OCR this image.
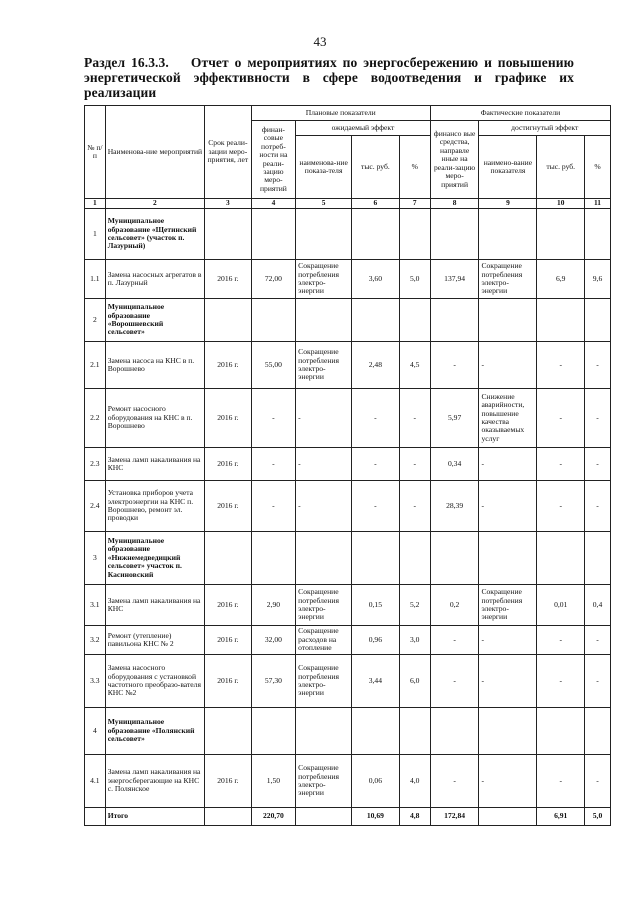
43
Раздел 16.3.3. Отчет о мероприятиях по энергосбережению и повышению энергетической эффективности в сфере водоотведения и графике их реализации
№ п/п	Наименова-ние мероприятий	Срок реали-зации меро-приятия, лет	Плановые показатели				Фактические показатели			
			финан-совые потреб-ности на реали-зацию меро-приятий	ожидаемый эффект			финансо вые средства, направле нные на реали-зацию меро-приятий	достигнутый эффект		
				наименова-ние показа-теля	тыс. руб.	%		наимено-вание показателя	тыс. руб.	%
1	2	3	4	5	6	7	8	9	10	11
1	Муниципальное образование «Щетинский сельсовет» (участок п. Лазурный)									
1.1	Замена насосных агрегатов в п. Лазурный	2016 г.	72,00	Сокращение потребления электро-энергии	3,60	5,0	137,94	Сокращение потребления электро-энергии	6,9	9,6
2	Муниципальное образование «Ворошневский сельсовет»									
2.1	Замена насоса на КНС в п. Ворошнево	2016 г.	55,00	Сокращение потребления электро-энергии	2,48	4,5	-	-	-	-
2.2	Ремонт насосного оборудования на КНС в п. Ворошнево	2016 г.	-	-	-	-	5,97	Снижение аварийности, повышение качества оказываемых услуг	-	-
2.3	Замена ламп накаливания на КНС	2016 г.	-	-	-	-	0,34	-	-	-
2.4	Установка приборов учета электроэнергии на КНС п. Ворошнево, ремонт эл. проводки	2016 г.	-	-	-	-	28,39	-	-	-
3	Муниципальное образование «Нижнемедведицкий сельсовет» участок п. Касиновский									
3.1	Замена ламп накаливания на КНС	2016 г.	2,90	Сокращение потребления электро-энергии	0,15	5,2	0,2	Сокращение потребления электро-энергии	0,01	0,4
3.2	Ремонт (утепление) павильона КНС № 2	2016 г.	32,00	Сокращение расходов на отопление	0,96	3,0	-	-	-	-
3.3	Замена насосного оборудования с установкой частотного преобразо-вателя КНС №2	2016 г.	57,30	Сокращение потребления электро-энергии	3,44	6,0	-	-	-	-
4	Муниципальное образование «Полянский сельсовет»									
4.1	Замена ламп накаливания на энергосберегающие на КНС с. Полянское	2016 г.	1,50	Сокращение потребления электро-энергии	0,06	4,0	-	-	-	-
	Итого		220,70		10,69	4,8	172,84		6,91	5,0
